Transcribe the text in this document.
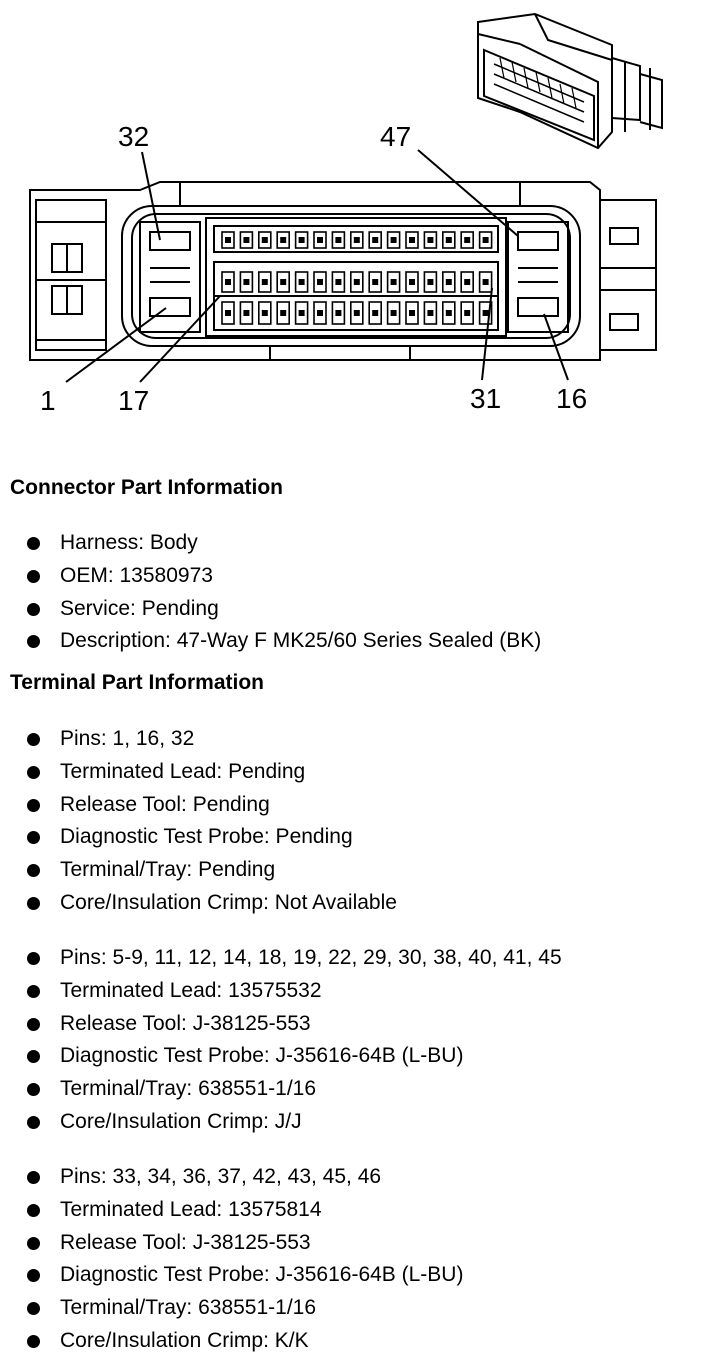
32	47
1 17	31 16
Connector Part Information
Harness: Body
OEM: 13580973
Service: Pending
Description: 47-Way F MK25/60 Series Sealed (BK)
Terminal Part Information
Pins: 1, 16, 32
Terminated Lead: Pending
Release Tool: Pending
Diagnostic Test Probe: Pending
Terminal/Tray: Pending
Core/Insulation Crimp: Not Available
Pins: 5-9, 11, 12, 14, 18, 19, 22, 29, 30, 38, 40, 41, 45
Terminated Lead: 13575532
Release Tool: J-38125-553
Diagnostic Test Probe: J-35616-64B (L-BU)
Terminal/Tray: 638551-1/16
Core/Insulation Crimp: J/J
Pins: 33, 34, 36, 37, 42, 43, 45, 46
Terminated Lead: 13575814
Release Tool: J-38125-553
Diagnostic Test Probe: J-35616-64B (L-BU)
Terminal/Tray: 638551-1/16
Core/Insulation Crimp: K/K
